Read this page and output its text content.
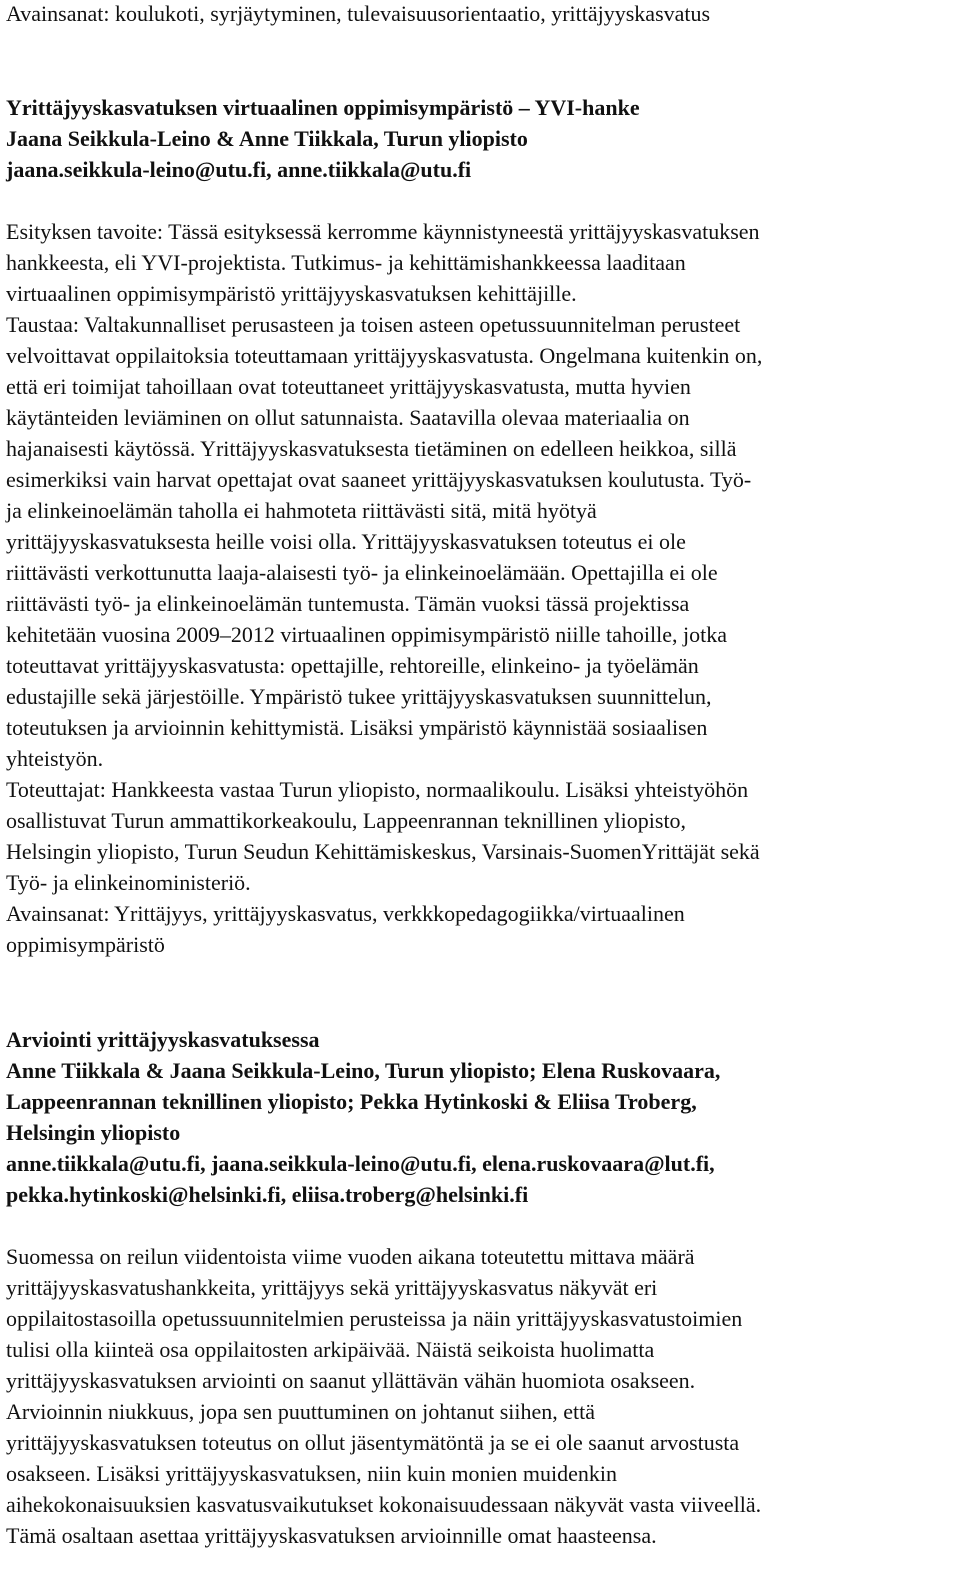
Avainsanat: koulukoti, syrjäytyminen, tulevaisuusorientaatio, yrittäjyyskasvatus
Yrittäjyyskasvatuksen virtuaalinen oppimisympäristö – YVI-hanke
Jaana Seikkula-Leino & Anne Tiikkala, Turun yliopisto
jaana.seikkula-leino@utu.fi, anne.tiikkala@utu.fi
Esityksen tavoite: Tässä esityksessä kerromme käynnistyneestä yrittäjyyskasvatuksen
hankkeesta, eli YVI-projektista. Tutkimus- ja kehittämishankkeessa laaditaan
virtuaalinen oppimisympäristö yrittäjyyskasvatuksen kehittäjille.
Taustaa: Valtakunnalliset perusasteen ja toisen asteen opetussuunnitelman perusteet
velvoittavat oppilaitoksia toteuttamaan yrittäjyyskasvatusta. Ongelmana kuitenkin on,
että eri toimijat tahoillaan ovat toteuttaneet yrittäjyyskasvatusta, mutta hyvien
käytänteiden leviäminen on ollut satunnaista. Saatavilla olevaa materiaalia on
hajanaisesti käytössä. Yrittäjyyskasvatuksesta tietäminen on edelleen heikkoa, sillä
esimerkiksi vain harvat opettajat ovat saaneet yrittäjyyskasvatuksen koulutusta. Työ-
ja elinkeinoelämän taholla ei hahmoteta riittävästi sitä, mitä hyötyä
yrittäjyyskasvatuksesta heille voisi olla. Yrittäjyyskasvatuksen toteutus ei ole
riittävästi verkottunutta laaja-alaisesti työ- ja elinkeinoelämään. Opettajilla ei ole
riittävästi työ- ja elinkeinoelämän tuntemusta. Tämän vuoksi tässä projektissa
kehitetään vuosina 2009–2012 virtuaalinen oppimisympäristö niille tahoille, jotka
toteuttavat yrittäjyyskasvatusta: opettajille, rehtoreille, elinkeino- ja työelämän
edustajille sekä järjestöille. Ympäristö tukee yrittäjyyskasvatuksen suunnittelun,
toteutuksen ja arvioinnin kehittymistä. Lisäksi ympäristö käynnistää sosiaalisen
yhteistyön.
Toteuttajat: Hankkeesta vastaa Turun yliopisto, normaalikoulu. Lisäksi yhteistyöhön
osallistuvat Turun ammattikorkeakoulu, Lappeenrannan teknillinen yliopisto,
Helsingin yliopisto, Turun Seudun Kehittämiskeskus, Varsinais-SuomenYrittäjät sekä
Työ- ja elinkeinoministeriö.
Avainsanat: Yrittäjyys, yrittäjyyskasvatus, verkkkopedagogiikka/virtuaalinen
oppimisympäristö
Arviointi yrittäjyyskasvatuksessa
Anne Tiikkala & Jaana Seikkula-Leino, Turun yliopisto; Elena Ruskovaara,
Lappeenrannan teknillinen yliopisto; Pekka Hytinkoski & Eliisa Troberg,
Helsingin yliopisto
anne.tiikkala@utu.fi, jaana.seikkula-leino@utu.fi, elena.ruskovaara@lut.fi,
pekka.hytinkoski@helsinki.fi, eliisa.troberg@helsinki.fi
Suomessa on reilun viidentoista viime vuoden aikana toteutettu mittava määrä
yrittäjyyskasvatushankkeita, yrittäjyys sekä yrittäjyyskasvatus näkyvät eri
oppilaitostasoilla opetussuunnitelmien perusteissa ja näin yrittäjyyskasvatustoimien
tulisi olla kiinteä osa oppilaitosten arkipäivää. Näistä seikoista huolimatta
yrittäjyyskasvatuksen arviointi on saanut yllättävän vähän huomiota osakseen.
Arvioinnin niukkuus, jopa sen puuttuminen on johtanut siihen, että
yrittäjyyskasvatuksen toteutus on ollut jäsentymätöntä ja se ei ole saanut arvostusta
osakseen. Lisäksi yrittäjyyskasvatuksen, niin kuin monien muidenkin
aihekokonaisuuksien kasvatusvaikutukset kokonaisuudessaan näkyvät vasta viiveellä.
Tämä osaltaan asettaa yrittäjyyskasvatuksen arvioinnille omat haasteensa.
